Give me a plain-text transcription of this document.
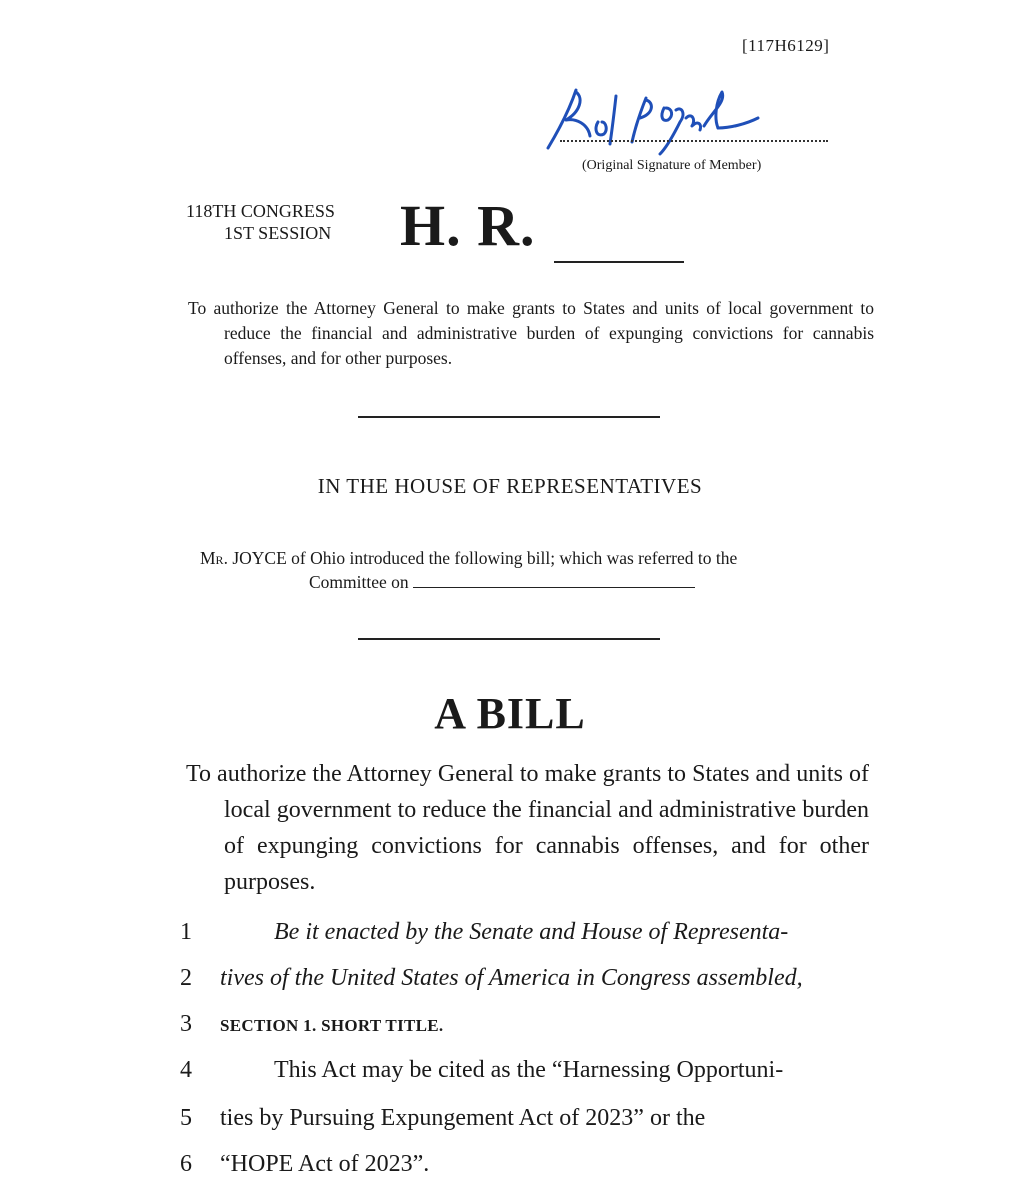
[117H6129]
(Original Signature of Member)
118TH CONGRESS
1ST SESSION H. R.
To authorize the Attorney General to make grants to States and units of local government to reduce the financial and administrative burden of expunging convictions for cannabis offenses, and for other purposes.
IN THE HOUSE OF REPRESENTATIVES
Mr. JOYCE of Ohio introduced the following bill; which was referred to the
Committee on
A BILL
To authorize the Attorney General to make grants to States and units of local government to reduce the financial and administrative burden of expunging convictions for cannabis offenses, and for other purposes.
1	Be it enacted by the Senate and House of Representa-
2 tives of the United States of America in Congress assembled,
3 SECTION 1. SHORT TITLE.
4	This Act may be cited as the “Harnessing Opportuni-
5 ties by Pursuing Expungement Act of 2023” or the
6 “HOPE Act of 2023”.
